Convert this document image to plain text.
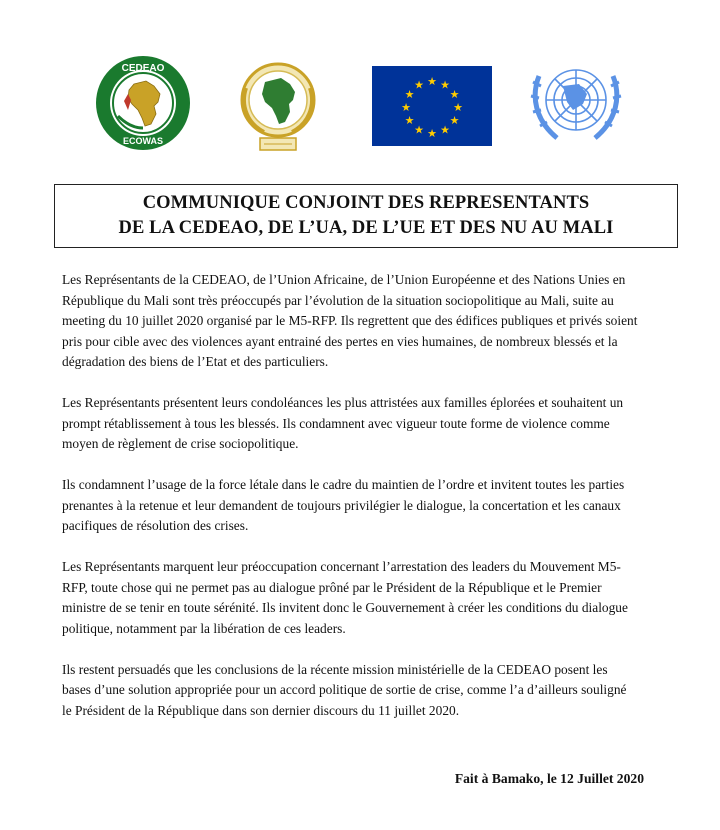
CEDEAO
ECOWAS
★ ★
★
★
★
★
★
★
★
★
★
★
COMMUNIQUE CONJOINT DES REPRESENTANTS
DE LA CEDEAO, DE L’UA, DE L’UE ET DES NU AU MALI

Les Représentants de la CEDEAO, de l’Union Africaine, de l’Union Européenne et des Nations Unies en
République du Mali sont très préoccupés par l’évolution de la situation sociopolitique au Mali, suite au
meeting du 10 juillet 2020 organisé par le M5-RFP. Ils regrettent que des édifices publiques et privés soient
pris pour cible avec des violences ayant entrainé des pertes en vies humaines, de nombreux blessés et la
dégradation des biens de l’Etat et des particuliers.

Les Représentants présentent leurs condoléances les plus attristées aux familles éplorées et souhaitent un
prompt rétablissement à tous les blessés. Ils condamnent avec vigueur toute forme de violence comme
moyen de règlement de crise sociopolitique.

Ils condamnent l’usage de la force létale dans le cadre du maintien de l’ordre et invitent toutes les parties
prenantes à la retenue et leur demandent de toujours privilégier le dialogue, la concertation et les canaux
pacifiques de résolution des crises.

Les Représentants marquent leur préoccupation concernant l’arrestation des leaders du Mouvement M5-
RFP, toute chose qui ne permet pas au dialogue prôné par le Président de la République et le Premier
ministre de se tenir en toute sérénité. Ils invitent donc le Gouvernement à créer les conditions du dialogue
politique, notamment par la libération de ces leaders.

Ils restent persuadés que les conclusions de la récente mission ministérielle de la CEDEAO posent les
bases d’une solution appropriée pour un accord politique de sortie de crise, comme l’a d’ailleurs souligné
le Président de la République dans son dernier discours du 11 juillet 2020.

Fait à Bamako, le 12 Juillet 2020
